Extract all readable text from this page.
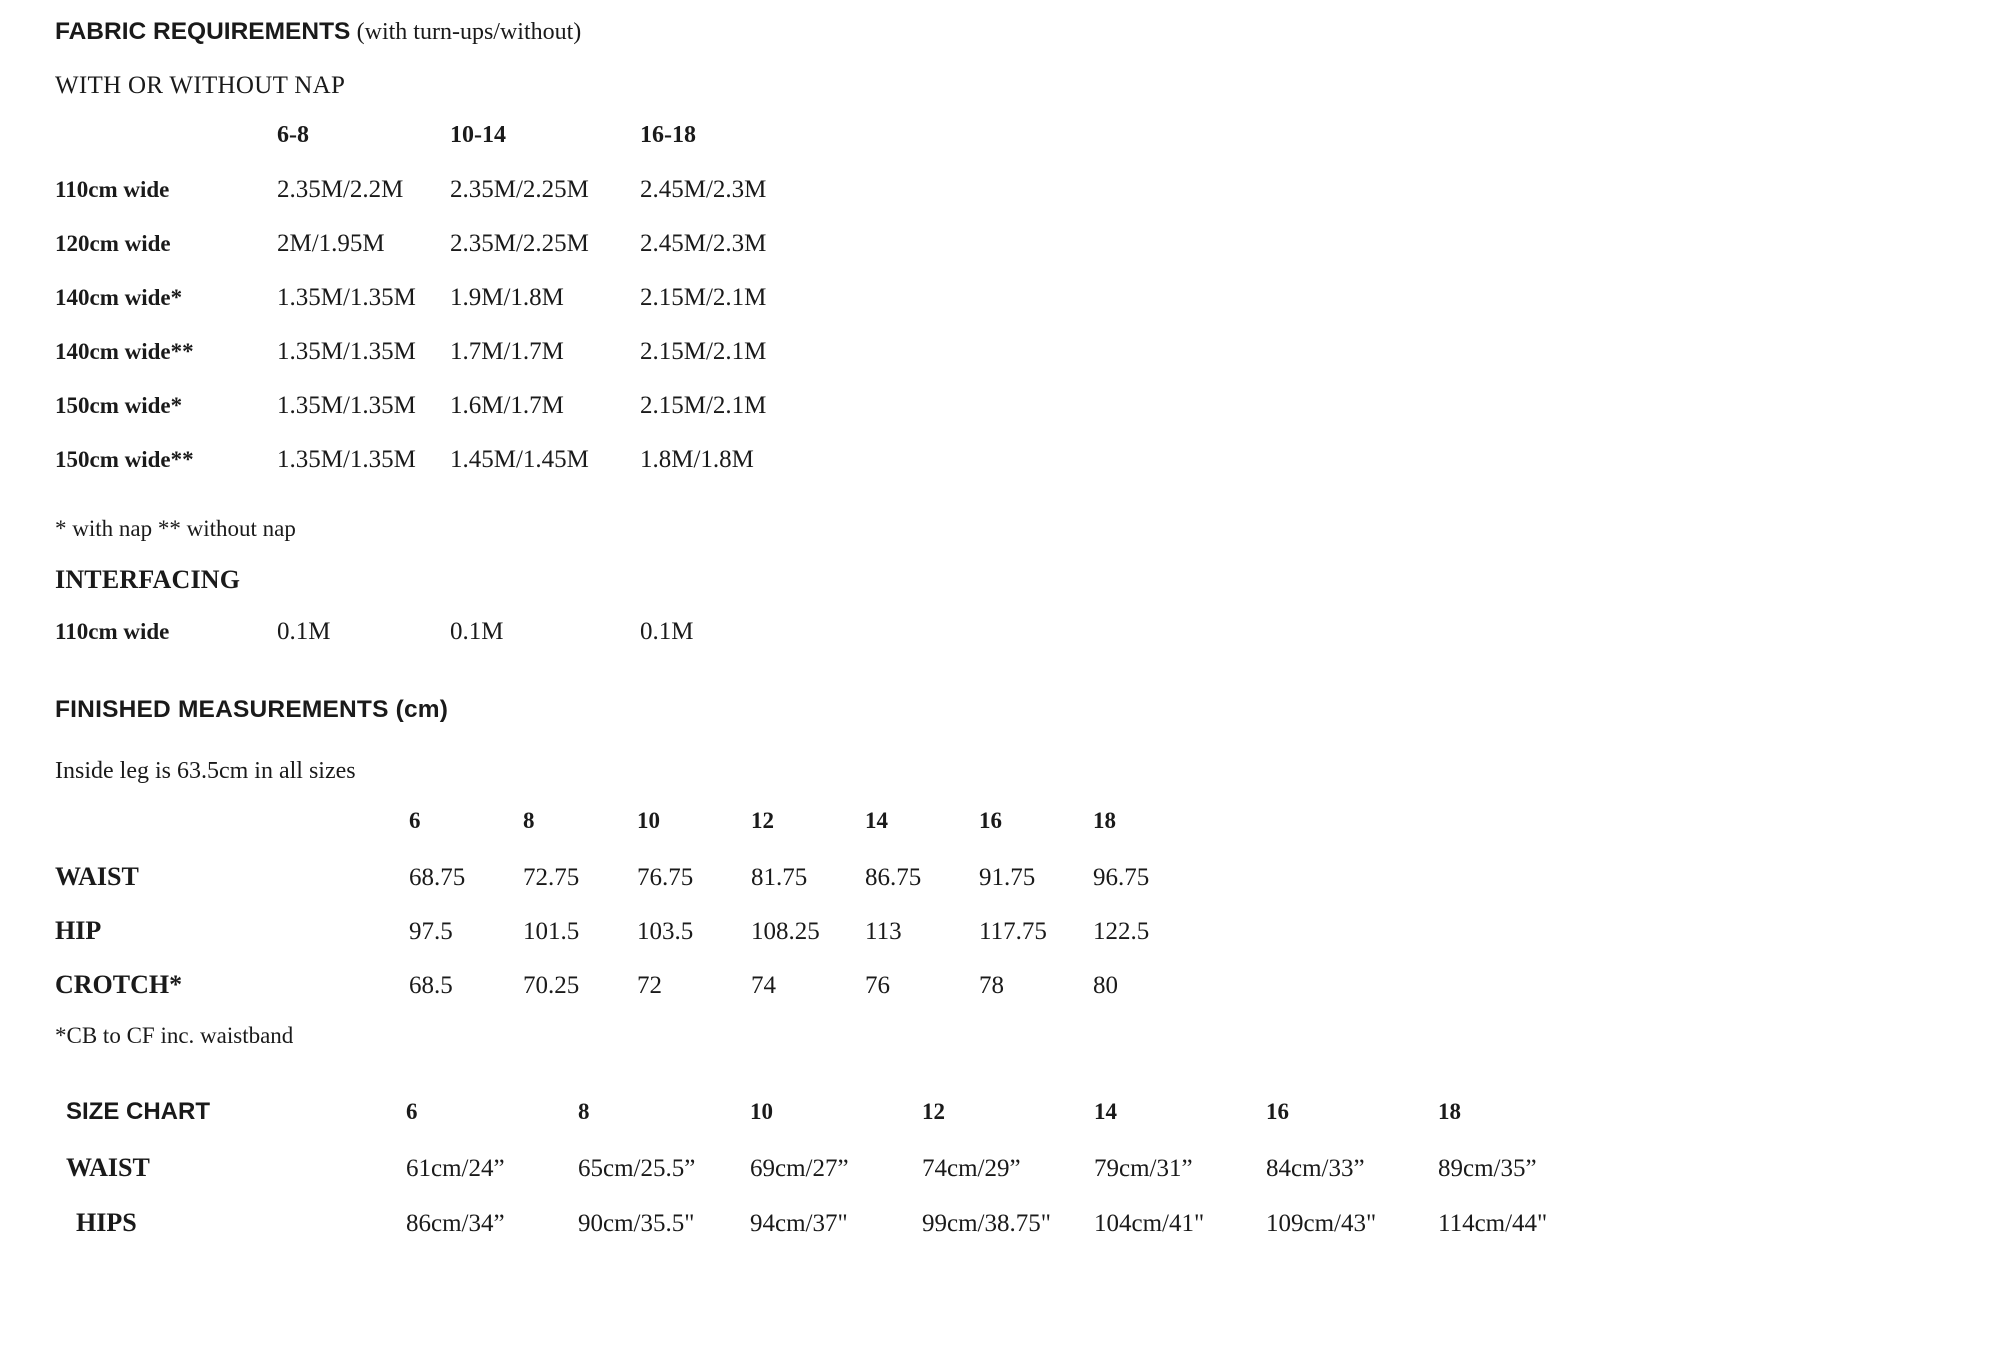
FABRIC REQUIREMENTS (with turn-ups/without)
WITH OR WITHOUT NAP
	6-8	10-14	16-18
110cm wide	2.35M/2.2M	2.35M/2.25M	2.45M/2.3M
120cm wide	2M/1.95M	2.35M/2.25M	2.45M/2.3M
140cm wide*	1.35M/1.35M	1.9M/1.8M	2.15M/2.1M
140cm wide**	1.35M/1.35M	1.7M/1.7M	2.15M/2.1M
150cm wide*	1.35M/1.35M	1.6M/1.7M	2.15M/2.1M
150cm wide**	1.35M/1.35M	1.45M/1.45M	1.8M/1.8M
* with nap ** without nap
INTERFACING
110cm wide	0.1M	0.1M	0.1M
FINISHED MEASUREMENTS (cm)
Inside leg is 63.5cm in all sizes
	6	8	10	12	14	16	18
WAIST	68.75	72.75	76.75	81.75	86.75	91.75	96.75
HIP	97.5	101.5	103.5	108.25	113	117.75	122.5
CROTCH*	68.5	70.25	72	74	76	78	80
*CB to CF inc. waistband
SIZE CHART	6	8	10	12	14	16	18
WAIST	61cm/24”	65cm/25.5”	69cm/27”	74cm/29”	79cm/31”	84cm/33”	89cm/35”
HIPS	86cm/34”	90cm/35.5"	94cm/37"	99cm/38.75"	104cm/41"	109cm/43"	114cm/44"
